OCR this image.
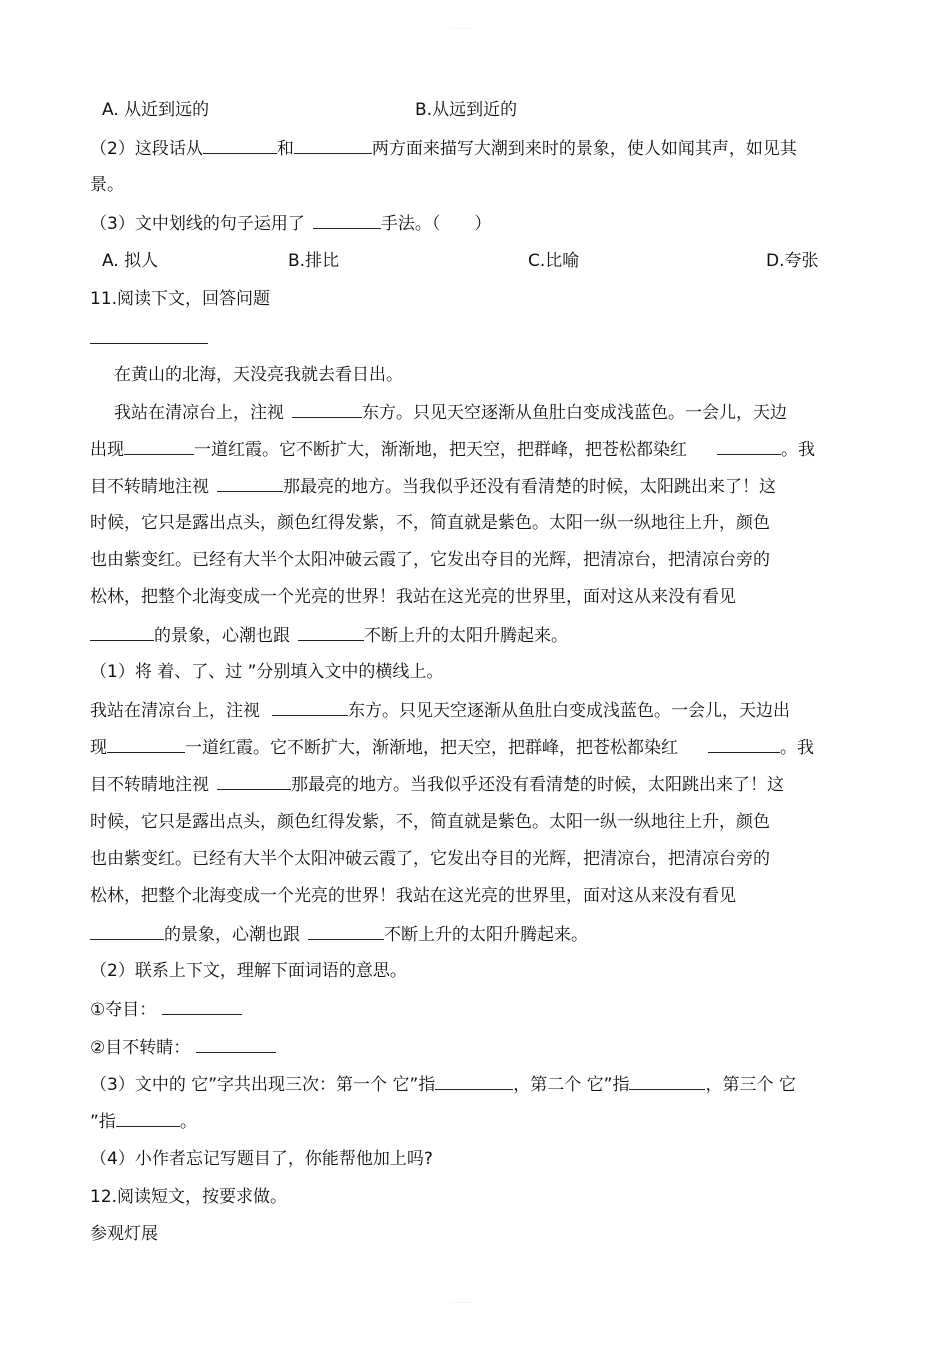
·········
A. 从近到远的	B.从远到近的
（2）这段话从	和	两方面来描写大潮到来时的景象，使人如闻其声，如见其
景。
（3）文中划线的句子运用了	手法。（　　）
A. 拟人	B.排比	C.比喻	D.夸张
11.阅读下文，回答问题
在黄山的北海，天没亮我就去看日出。
我站在清凉台上，注视	东方。只见天空逐渐从鱼肚白变成浅蓝色。一会儿，天边
出现	一道红霞。它不断扩大，渐渐地，把天空，把群峰，把苍松都染红	。我
目不转睛地注视	那最亮的地方。当我似乎还没有看清楚的时候，太阳跳出来了！这
时候，它只是露出点头，颜色红得发紫，不，简直就是紫色。太阳一纵一纵地往上升，颜色
也由紫变红。已经有大半个太阳冲破云霞了，它发出夺目的光辉，把清凉台，把清凉台旁的
松林，把整个北海变成一个光亮的世界！我站在这光亮的世界里，面对这从来没有看见
的景象，心潮也跟	不断上升的太阳升腾起来。
（1）将 着、了、过 ”分别填入文中的横线上。
我站在清凉台上，注视	东方。只见天空逐渐从鱼肚白变成浅蓝色。一会儿，天边出
现	一道红霞。它不断扩大，渐渐地，把天空，把群峰，把苍松都染红	。我
目不转睛地注视	那最亮的地方。当我似乎还没有看清楚的时候，太阳跳出来了！这
时候，它只是露出点头，颜色红得发紫，不，简直就是紫色。太阳一纵一纵地往上升，颜色
也由紫变红。已经有大半个太阳冲破云霞了，它发出夺目的光辉，把清凉台，把清凉台旁的
松林，把整个北海变成一个光亮的世界！我站在这光亮的世界里，面对这从来没有看见
的景象，心潮也跟	不断上升的太阳升腾起来。
（2）联系上下文，理解下面词语的意思。
①夺目：
②目不转睛：
（3）文中的 它”字共出现三次：第一个 它”指	，第二个 它”指	，第三个 它
”指	。
（4）小作者忘记写题目了，你能帮他加上吗?
12.阅读短文，按要求做。
参观灯展
·········
